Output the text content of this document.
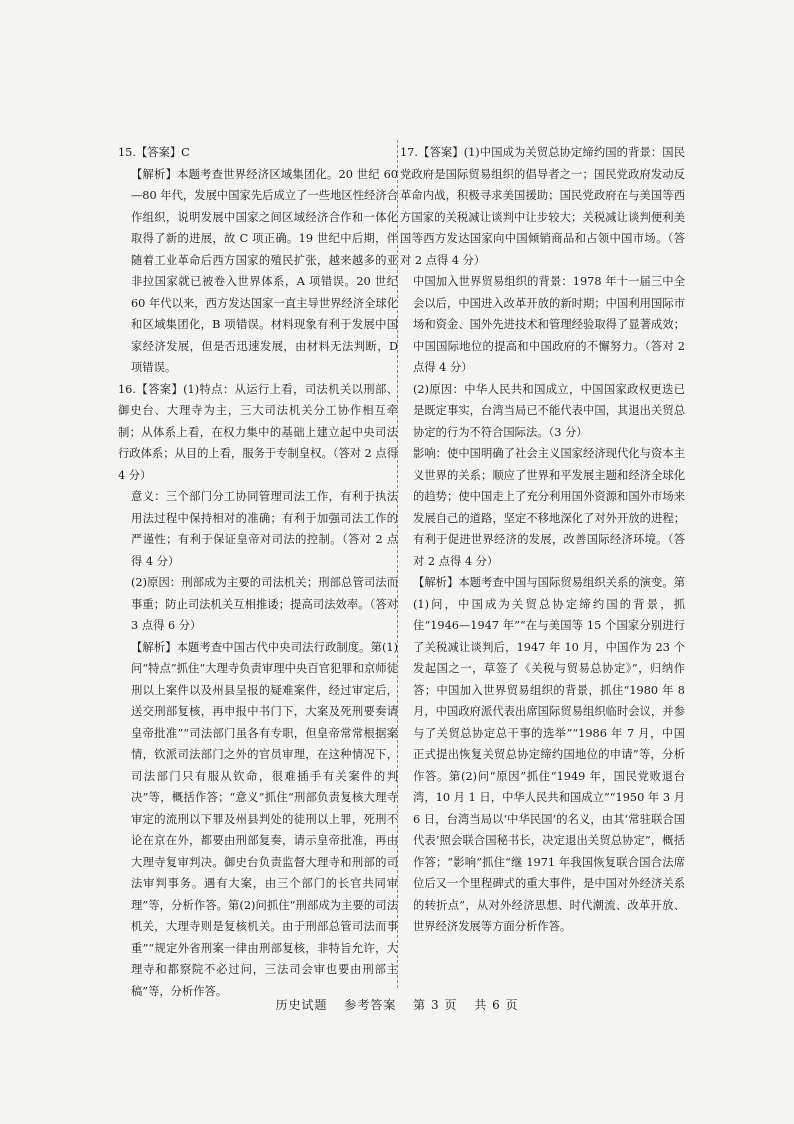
15.【答案】C
【解析】本题考查世界经济区域集团化。20 世纪 60—80 年代，发展中国家先后成立了一些地区性经济合作组织，说明发展中国家之间区域经济合作和一体化取得了新的进展，故 C 项正确。19 世纪中后期，伴随着工业革命后西方国家的殖民扩张，越来越多的亚非拉国家就已被卷入世界体系，A 项错误。20 世纪 60 年代以来，西方发达国家一直主导世界经济全球化和区域集团化，B 项错误。材料现象有利于发展中国家经济发展，但是否迅速发展，由材料无法判断，D 项错误。
16.【答案】(1)特点：从运行上看，司法机关以刑部、御史台、大理寺为主，三大司法机关分工协作相互牵制；从体系上看，在权力集中的基础上建立起中央司法行政体系；从目的上看，服务于专制皇权。（答对 2 点得 4 分）
意义：三个部门分工协同管理司法工作，有利于执法用法过程中保持相对的准确；有利于加强司法工作的严谨性；有利于保证皇帝对司法的控制。（答对 2 点得 4 分）
(2)原因：刑部成为主要的司法机关；刑部总管司法而事重；防止司法机关互相推诿；提高司法效率。（答对 3 点得 6 分）
【解析】本题考查中国古代中央司法行政制度。第(1)问“特点”抓住“大理寺负责审理中央百官犯罪和京师徒刑以上案件以及州县呈报的疑难案件，经过审定后，送交刑部复核，再申报中书门下，大案及死刑要奏请皇帝批准”“司法部门虽各有专职，但皇帝常常根据案情，钦派司法部门之外的官员审理，在这种情况下，司法部门只有服从钦命，很难插手有关案件的判决”等，概括作答；“意义”抓住“刑部负责复核大理寺审定的流刑以下罪及州县判处的徒刑以上罪，死刑不论在京在外，都要由刑部复奏，请示皇帝批准，再由大理寺复审判决。御史台负责监督大理寺和刑部的司法审判事务。遇有大案，由三个部门的长官共同审理”等，分析作答。第(2)问抓住“刑部成为主要的司法机关，大理寺则是复核机关。由于刑部总管司法而事重”“规定外省刑案一律由刑部复核，非特旨允许，大理寺和都察院不必过问，三法司会审也要由刑部主稿”等，分析作答。
17.【答案】(1)中国成为关贸总协定缔约国的背景：国民党政府是国际贸易组织的倡导者之一；国民党政府发动反革命内战，积极寻求美国援助；国民党政府在与美国等西方国家的关税减让谈判中让步较大；关税减让谈判便利美国等西方发达国家向中国倾销商品和占领中国市场。（答对 2 点得 4 分）
中国加入世界贸易组织的背景：1978 年十一届三中全会以后，中国进入改革开放的新时期；中国利用国际市场和资金、国外先进技术和管理经验取得了显著成效；中国国际地位的提高和中国政府的不懈努力。（答对 2 点得 4 分）
(2)原因：中华人民共和国成立，中国国家政权更迭已是既定事实，台湾当局已不能代表中国，其退出关贸总协定的行为不符合国际法。（3 分）
影响：使中国明确了社会主义国家经济现代化与资本主义世界的关系；顺应了世界和平发展主题和经济全球化的趋势；使中国走上了充分利用国外资源和国外市场来发展自己的道路，坚定不移地深化了对外开放的进程；有利于促进世界经济的发展，改善国际经济环境。（答对 2 点得 4 分）
【解析】本题考查中国与国际贸易组织关系的演变。第(1)问，中国成为关贸总协定缔约国的背景，抓住“1946—1947 年”“在与美国等 15 个国家分别进行了关税减让谈判后，1947 年 10 月，中国作为 23 个发起国之一，草签了《关税与贸易总协定》”，归纳作答；中国加入世界贸易组织的背景，抓住“1980 年 8 月，中国政府派代表出席国际贸易组织临时会议，并参与了关贸总协定总干事的选举”“1986 年 7 月，中国正式提出恢复关贸总协定缔约国地位的申请”等，分析作答。第(2)问“原因”抓住“1949 年，国民党败退台湾，10 月 1 日，中华人民共和国成立”“1950 年 3 月 6 日，台湾当局以‘中华民国’的名义，由其‘常驻联合国代表’照会联合国秘书长，决定退出关贸总协定”，概括作答；“影响”抓住“继 1971 年我国恢复联合国合法席位后又一个里程碑式的重大事件，是中国对外经济关系的转折点”，从对外经济思想、时代潮流、改革开放、世界经济发展等方面分析作答。
历史试题 参考答案 第 3 页 共 6 页
